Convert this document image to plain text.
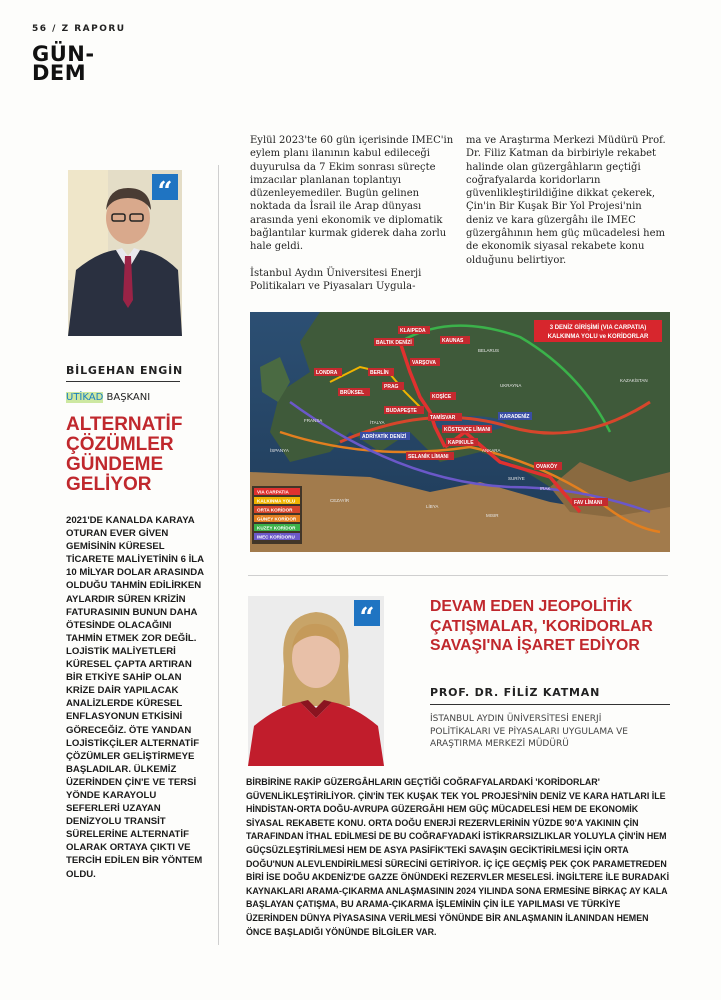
56 / Z RAPORU
GÜN-
DEM
“
BİLGEHAN ENGİN
UTİKAD BAŞKANI
ALTERNATİF ÇÖZÜMLER GÜNDEME GELİYOR
2021'DE KANALDA KARAYA OTURAN EVER GİVEN GEMİSİNİN KÜRESEL TİCARETE MALİYETİNİN 6 İLA 10 MİLYAR DOLAR ARASINDA OLDUĞU TAHMİN EDİLİRKEN AYLARDIR SÜREN KRİZİN FATURASININ BUNUN DAHA ÖTESİNDE OLACAĞINI TAHMİN ETMEK ZOR DEĞİL. LOJİSTİK MALİYETLERİ KÜRESEL ÇAPTA ARTIRAN BİR ETKİYE SAHİP OLAN KRİZE DAİR YAPILACAK ANALİZLERDE KÜRESEL ENFLASYONUN ETKİSİNİ GÖRECEĞİZ. ÖTE YANDAN LOJİSTİKÇİLER ALTERNATİF ÇÖZÜMLER GELİŞTİRMEYE BAŞLADILAR. ÜLKEMİZ ÜZERİNDEN ÇİN'E VE TERSİ YÖNDE KARAYOLU SEFERLERİ UZAYAN DENİZYOLU TRANSİT SÜRELERİNE ALTERNATİF OLARAK ORTAYA ÇIKTI VE TERCİH EDİLEN BİR YÖNTEM OLDU.

Eylül 2023'te 60 gün içerisinde IMEC'in eylem planı ilanının kabul edileceği duyurulsa da 7 Ekim sonrası süreçte imzacılar planlanan toplantıyı düzenleyemediler. Bugün gelinen noktada da İsrail ile Arap dünyası arasında yeni ekonomik ve diplomatik bağlantılar kurmak giderek daha zorlu hale geldi.

İstanbul Aydın Üniversitesi Enerji Politikaları ve Piyasaları Uygula-

ma ve Araştırma Merkezi Müdürü Prof. Dr. Filiz Katman da birbiriyle rekabet halinde olan güzergâhların geçtiği coğrafyalarda koridorların güvenlikleştirildiğine dikkat çekerek, Çin'in Bir Kuşak Bir Yol Projesi'nin deniz ve kara güzergâhı ile IMEC güzergâhının hem güç mücadelesi hem de ekonomik siyasal rekabete konu olduğunu belirtiyor.

KLAIPEDA
KAUNAS
BALTIK DENİZİ
LONDRA	BERLİN
PRAG
VARŞOVA
BRÜKSEL
BUDAPEŞTE
KOŞİCE
TAMİSVAR
KÖSTENCE LİMANI
KAPIKULE
SELANİK LİMANI
OVAKÖY
FAV LİMANI
ADRİYATİK DENİZİ
KARADENİZ
BELARUS
UKRAYNA
KAZAKİSTAN
ANKARA
IRAK
SURİYE
MISIR
LİBYA
CEZAYİR
İSPANYA
FRANSA	İTALYA
3 DENİZ GİRİŞİMİ (VIA CARPATIA)
KALKINMA YOLU ve KORİDORLAR
VIA CARPATIA
KALKINMA YOLU
ORTA KORİDOR
GÜNEY KORİDOR
KUZEY KORİDOR
IMEC KORİDORU
“	DEVAM EDEN JEOPOLİTİK ÇATIŞMALAR, 'KORİDORLAR SAVAŞI'NA İŞARET EDİYOR
PROF. DR. FİLİZ KATMAN
İSTANBUL AYDIN ÜNİVERSİTESİ ENERJİ POLİTİKALARI VE PİYASALARI UYGULAMA VE ARAŞTIRMA MERKEZİ MÜDÜRÜ
BİRBİRİNE RAKİP GÜZERGÂHLARIN GEÇTİĞİ COĞRAFYALARDAKİ 'KORİDORLAR' GÜVENLİKLEŞTİRİLİYOR. ÇİN'İN TEK KUŞAK TEK YOL PROJESİ'NİN DENİZ VE KARA HATLARI İLE HİNDİSTAN-ORTA DOĞU-AVRUPA GÜZERGÂHI HEM GÜÇ MÜCADELESİ HEM DE EKONOMİK SİYASAL REKABETE KONU. ORTA DOĞU ENERJİ REZERVLERİNİN YÜZDE 90'A YAKININ ÇİN TARAFINDAN İTHAL EDİLMESİ DE BU COĞRAFYADAKİ İSTİKRARSIZLIKLAR YOLUYLA ÇİN'İN HEM GÜÇSÜZLEŞTİRİLMESİ HEM DE ASYA PASİFİK'TEKİ SAVAŞIN GECİKTİRİLMESİ İÇİN ORTA DOĞU'NUN ALEVLENDİRİLMESİ SÜRECİNİ GETİRİYOR. İÇ İÇE GEÇMİŞ PEK ÇOK PARAMETREDEN BİRİ İSE DOĞU AKDENİZ'DE GAZZE ÖNÜNDEKİ REZERVLER MESELESİ. İNGİLTERE İLE BURADAKİ KAYNAKLARI ARAMA-ÇIKARMA ANLAŞMASININ 2024 YILINDA SONA ERMESİNE BİRKAÇ AY KALA BAŞLAYAN ÇATIŞMA, BU ARAMA-ÇIKARMA İŞLEMİNİN ÇİN İLE YAPILMASI VE TÜRKİYE ÜZERİNDEN DÜNYA PİYASASINA VERİLMESİ YÖNÜNDE BİR ANLAŞMANIN İLANINDAN HEMEN ÖNCE BAŞLADIĞI YÖNÜNDE BİLGİLER VAR.
